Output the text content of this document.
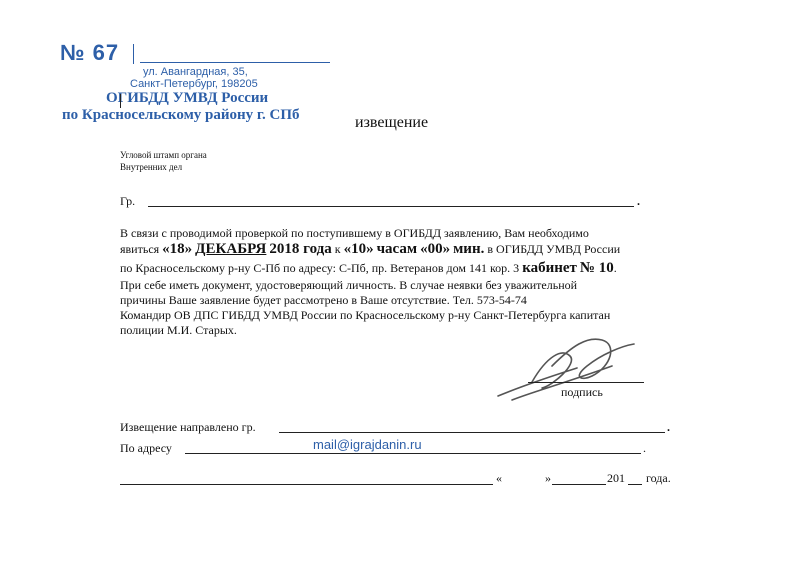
№ 67
ул. Авангардная, 35,
Санкт-Петербург, 198205
ОГИБДД УМВД России
по Красносельскому району г. СПб	извещение
Угловой штамп органа
Внутренних дел
Гр.	.
В связи с проводимой проверкой по поступившему в ОГИБДД заявлению, Вам необходимо
явиться «18» ДЕКАБРЯ 2018 года к «10» часам «00» мин. в ОГИБДД УМВД России
по Красносельскому р-ну С-Пб по адресу: С-Пб, пр. Ветеранов дом 141 кор. 3 кабинет № 10.
При себе иметь документ, удостоверяющий личность. В случае неявки без уважительной
причины Ваше заявление будет рассмотрено в Ваше отсутствие. Тел. 573-54-74
Командир ОВ ДПС ГИБДД УМВД России по Красносельскому р-ну Санкт-Петербурга капитан
полиции М.И. Старых.
подпись
Извещение направлено гр.	.
По адресу	mail@igrajdanin.ru	.
«	»	201 года.
